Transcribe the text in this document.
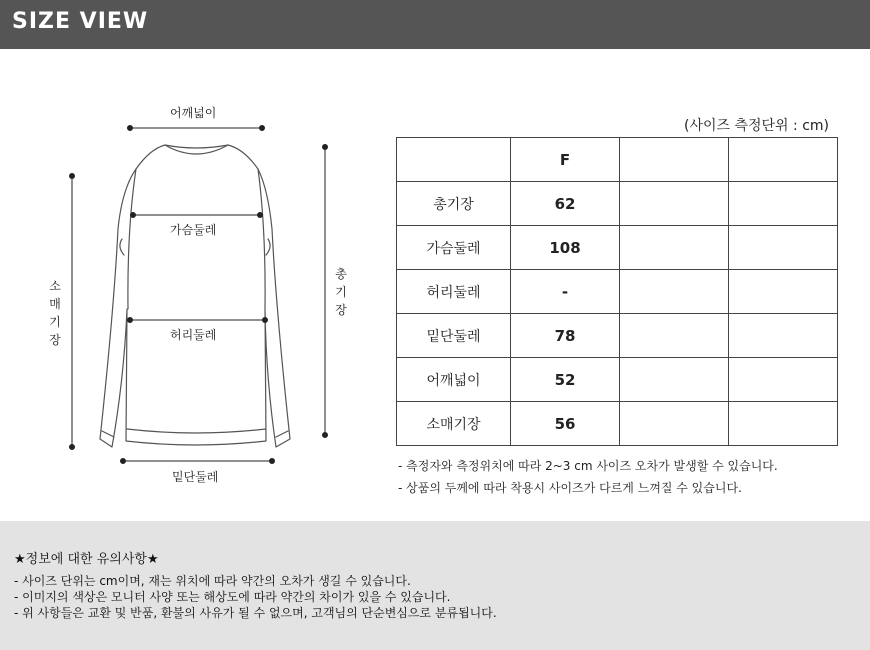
SIZE VIEW
어깨넓이
가슴둘레
허리둘레
밑단둘레
소
매
기
장
총
기
장
(사이즈 측정단위 : cm)
	F		
총기장	62		
가슴둘레	108		
허리둘레	-		
밑단둘레	78		
어깨넓이	52		
소매기장	56		
- 측정자와 측정위치에 따라 2~3 cm 사이즈 오차가 발생할 수 있습니다.
- 상품의 두께에 따라 착용시 사이즈가 다르게 느껴질 수 있습니다.
★정보에 대한 유의사항★
- 사이즈 단위는 cm이며, 재는 위치에 따라 약간의 오차가 생길 수 있습니다.
- 이미지의 색상은 모니터 사양 또는 해상도에 따라 약간의 차이가 있을 수 있습니다.
- 위 사항들은 교환 및 반품, 환불의 사유가 될 수 없으며, 고객님의 단순변심으로 분류됩니다.
